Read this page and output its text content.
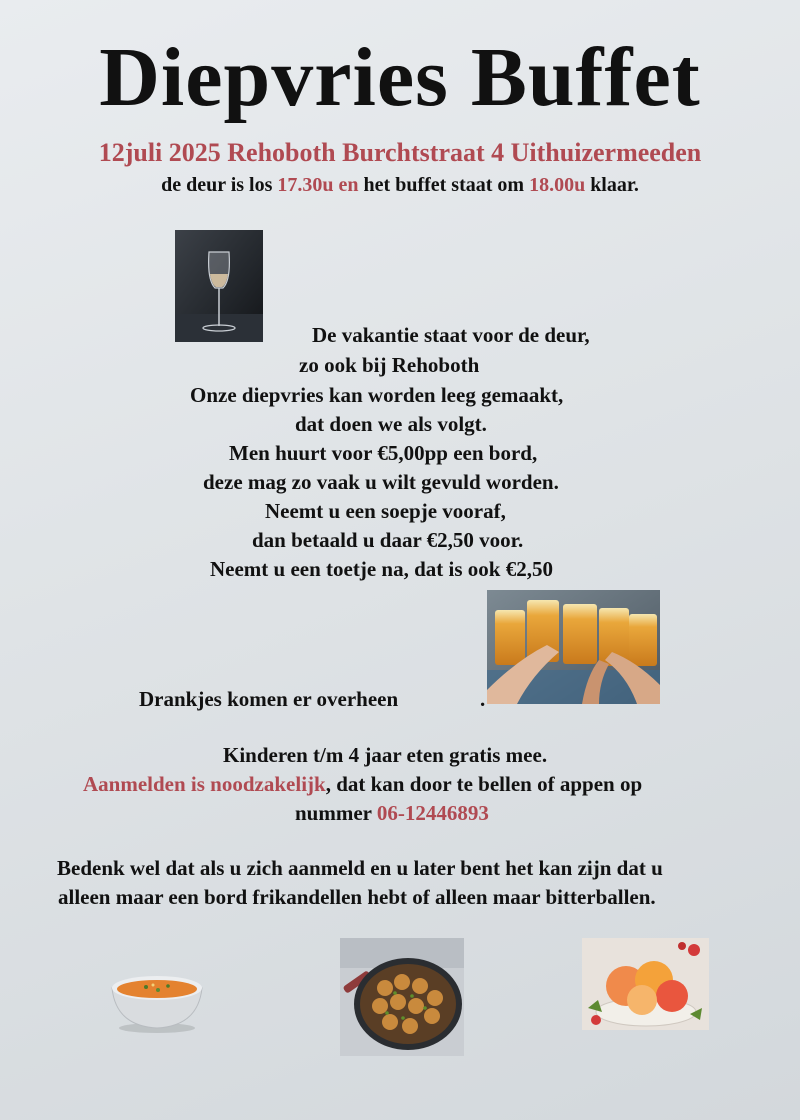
Diepvries Buffet
12juli 2025 Rehoboth Burchtstraat 4 Uithuizermeeden
de deur is los 17.30u en het buffet staat om 18.00u klaar.
De vakantie staat voor de deur,
zo ook bij Rehoboth
Onze diepvries kan worden leeg gemaakt,
dat doen we als volgt.
Men huurt voor €5,00pp een bord,
deze mag zo vaak u wilt gevuld worden.
Neemt u een soepje vooraf,
dan betaald u daar €2,50 voor.
Neemt u een toetje na, dat is ook €2,50
Drankjes komen er overheen	.
Kinderen t/m 4 jaar eten gratis mee.
Aanmelden is noodzakelijk, dat kan door te bellen of appen op
nummer 06-12446893
Bedenk wel dat als u zich aanmeld en u later bent het kan zijn dat u
alleen maar een bord frikandellen hebt of alleen maar bitterballen.
